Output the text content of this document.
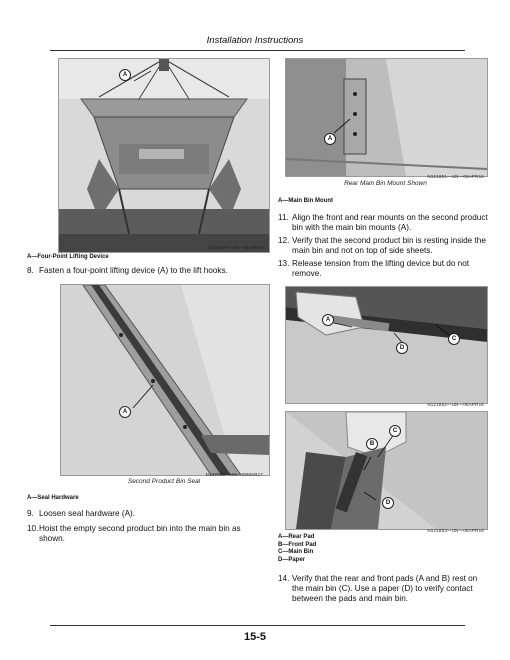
Installation Instructions
A
N121849—UN—06APR16
A—Four-Point Lifting Device
8. Fasten a four-point lifting device (A) to the lift hooks.
A
N127990—UN—09MAR17
Second Product Bin Seal
A—Seal Hardware
9. Loosen seal hardware (A).
10. Hoist the empty second product bin into the main bin as shown.
A
N121851—UN—06APR16
Rear Main Bin Mount Shown
A—Main Bin Mount
11. Align the front and rear mounts on the second product bin with the main bin mounts (A).
12. Verify that the second product bin is resting inside the main bin and not on top of side sheets.
13. Release tension from the lifting device but do not remove.
A
D
C
N121852—UN—06APR16
B
C
D
N121853—UN—06APR16
A—Rear Pad
B—Front Pad
C—Main Bin
D—Paper
14. Verify that the rear and front pads (A and B) rest on the main bin (C). Use a paper (D) to verify contact between the pads and main bin.
15-5
